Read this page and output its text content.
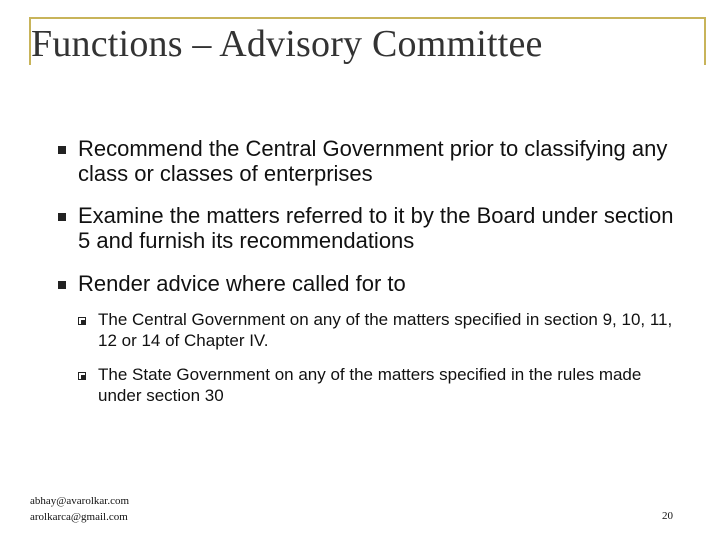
Functions – Advisory Committee
Recommend the Central Government prior to classifying any class or classes of enterprises
Examine the matters referred to it by the Board under section 5 and furnish its recommendations
Render advice where called for to
The Central Government on any of the matters specified in section 9, 10, 11, 12 or 14 of Chapter IV.
The State Government on any of the matters specified in the rules made under section 30
abhay@avarolkar.com
arolkarca@gmail.com	20
